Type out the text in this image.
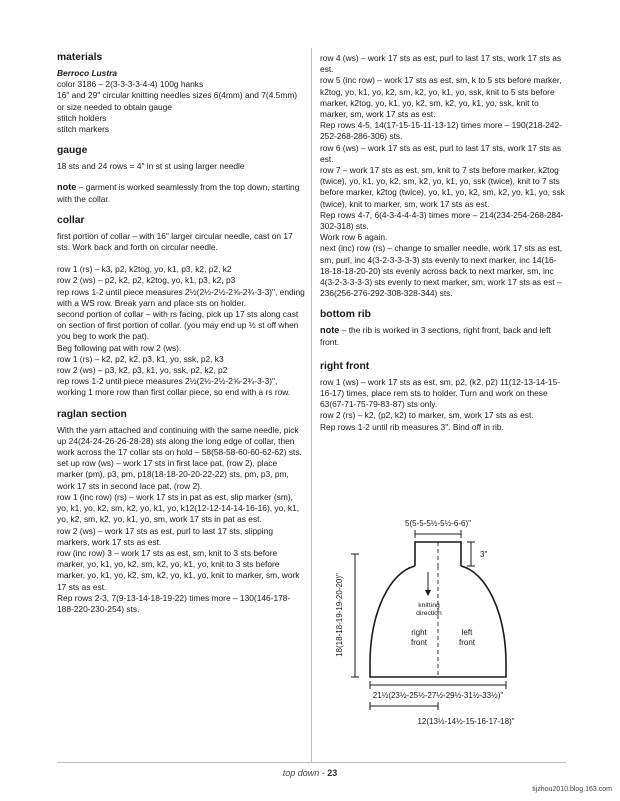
materials

Berroco Lustra

color 3186 – 2(3-3-3-3-4-4) 100g hanks

16" and 29" circular knitting needles sizes 6(4mm) and 7(4.5mm) or size needed to obtain gauge

stitch holders

stitch markers

gauge

18 sts and 24 rows = 4" in st st using larger needle

note – garment is worked seamlessly from the top down, starting with the collar.

collar

first portion of collar – with 16" larger circular needle, cast on 17 sts. Work back and forth on circular needle.

row 1 (rs) – k3, p2, k2tog, yo, k1, p3, k2, p2, k2

row 2 (ws) – p2, k2, p2, k2tog, yo, k1, p3, k2, p3

rep rows 1-2 until piece measures 2½(2½-2½-2⅝-2¾-3-3)", ending with a WS row. Break yarn and place sts on holder.

second portion of collar – with rs facing, pick up 17 sts along cast on section of first portion of collar. (you may end up ½ st off when you beg to work the pat).

Beg following pat with row 2 (ws).

row 1 (rs) – k2, p2, k2, p3, k1, yo, ssk, p2, k3

row 2 (ws) – p3, k2, p3, k1, yo, ssk, p2, k2, p2

rep rows 1-2 until piece measures 2½(2½-2½-2⅝-2¾-3-3)", working 1 more row than first collar piece, so end with a rs row.

raglan section

With the yarn attached and continuing with the same needle, pick up 24(24-24-26-26-28-28) sts along the long edge of collar, then work across the 17 collar sts on hold – 58(58-58-60-60-62-62) sts.

set up row (ws) – work 17 sts in first lace pat, (row 2), place marker (pm), p3, pm, p18(18-18-20-20-22-22) sts, pm, p3, pm, work 17 sts in second lace pat, (row 2).

row 1 (inc row) (rs) – work 17 sts in pat as est, slip marker (sm), yo, k1, yo, k2, sm, k2, yo, k1, yo, k12(12-12-14-14-16-16), yo, k1, yo, k2, sm, k2, yo, k1, yo, sm, work 17 sts in pat as est.

row 2 (ws) – work 17 sts as est, purl to last 17 sts, slipping markers, work 17 sts as est.

row (inc row) 3 – work 17 sts as est, sm, knit to 3 sts before marker, yo, k1, yo, k2, sm, k2, yo, k1, yo, knit to 3 sts before marker, yo, k1, yo, k2, sm, k2, yo, k1, yo, knit to marker, sm, work 17 sts as est.

Rep rows 2-3, 7(9-13-14-18-19-22) times more – 130(146-178-188-220-230-254) sts.

row 4 (ws) – work 17 sts as est, purl to last 17 sts, work 17 sts as est.

row 5 (inc row) – work 17 sts as est, sm, k to 5 sts before marker, k2tog, yo, k1, yo, k2, sm, k2, yo, k1, yo, ssk, knit to 5 sts before marker, k2tog, yo, k1, yo, k2, sm, k2, yo, k1, yo, ssk, knit to marker, sm, work 17 sts as est.

Rep rows 4-5, 14(17-15-15-11-13-12) times more – 190(218-242-252-268-286-306) sts.

row 6 (ws) – work 17 sts as est, purl to last 17 sts, work 17 sts as est.

row 7 – work 17 sts as est, sm, knit to 7 sts before marker, k2tog (twice), yo, k1, yo, k2, sm, k2, yo, k1, yo, ssk (twice), knit to 7 sts before marker, k2tog (twice), yo, k1, yo, k2, sm, k2, yo, k1, yo, ssk (twice), knit to marker, sm, work 17 sts as est.

Rep rows 4-7, 6(4-3-4-4-4-3) times more – 214(234-254-268-284-302-318) sts.

Work row 6 again.

next (inc) row (rs) – change to smaller needle, work 17 sts as est, sm, purl, inc 4(3-2-3-3-3-3) sts evenly to next marker, inc 14(16-18-18-18-20-20) sts evenly across back to next marker, sm, inc 4(3-2-3-3-3-3) sts evenly to next marker, sm, work 17 sts as est – 236(256-276-292-308-328-344) sts.

bottom rib

note – the rib is worked in 3 sections, right front, back and left front.

right front

row 1 (ws) – work 17 sts as est, sm, p2, (k2, p2) 11(12-13-14-15-16-17) times, place rem sts to holder. Turn and work on these 63(67-71-75-79-83-87) sts only.

row 2 (rs) – k2, (p2, k2) to marker, sm, work 17 sts as est.

Rep rows 1-2 until rib measures 3". Bind off in rib.

5(5-5-5½-5½-6-6)"
3"
knitting
direction
right
front
left
front
18(18-18-19-19-20-20)"
21½(23½-25½-27½-29½-31½-33½)"
12(13½-14½-15-16-17-18)"
top down - 23
tijzhou2010.blog.163.com
